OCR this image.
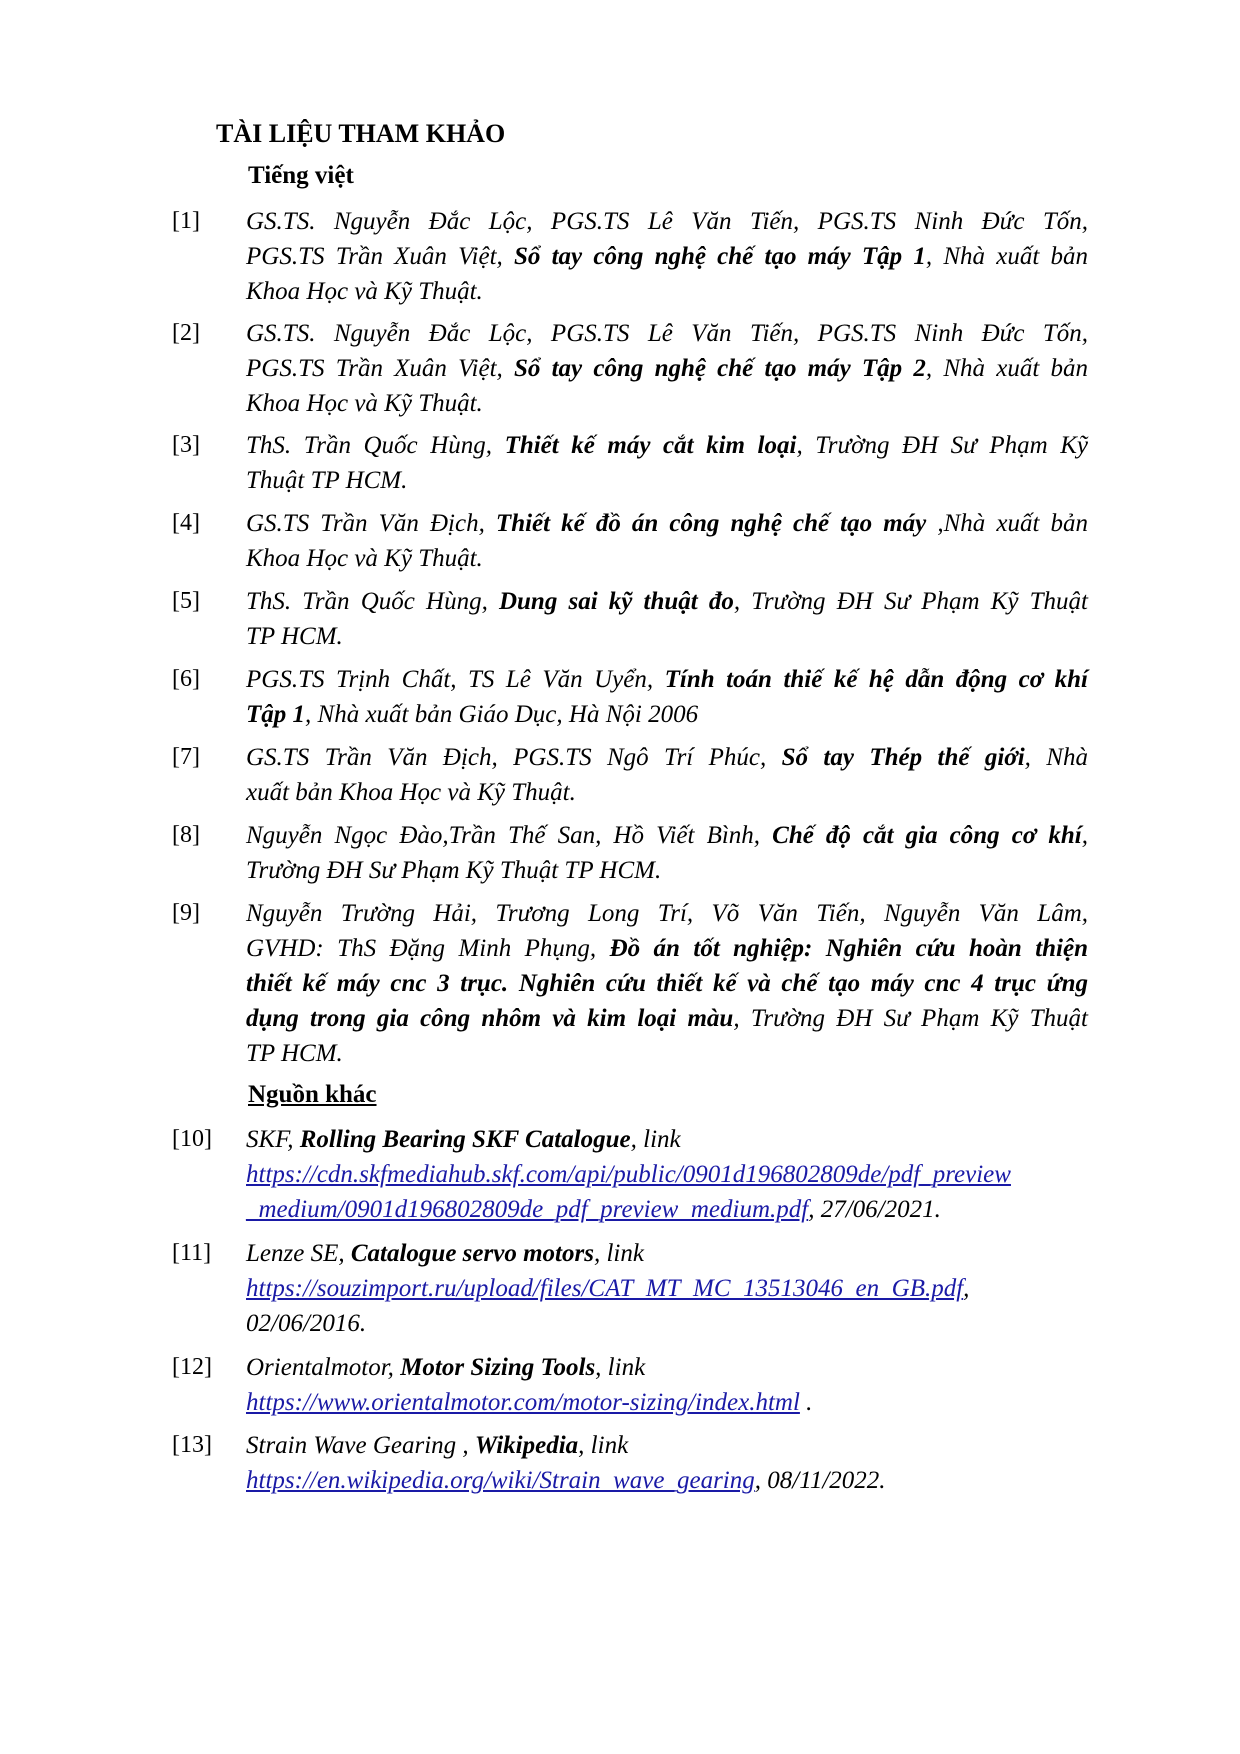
TÀI LIỆU THAM KHẢO
Tiếng việt
[1] GS.TS. Nguyễn Đắc Lộc, PGS.TS Lê Văn Tiến, PGS.TS Ninh Đức Tốn,
PGS.TS Trần Xuân Việt, Sổ tay công nghệ chế tạo máy Tập 1, Nhà xuất bản
Khoa Học và Kỹ Thuật.
[2] GS.TS. Nguyễn Đắc Lộc, PGS.TS Lê Văn Tiến, PGS.TS Ninh Đức Tốn,
PGS.TS Trần Xuân Việt, Sổ tay công nghệ chế tạo máy Tập 2, Nhà xuất bản
Khoa Học và Kỹ Thuật.
[3] ThS. Trần Quốc Hùng, Thiết kế máy cắt kim loại, Trường ĐH Sư Phạm Kỹ
Thuật TP HCM.
[4] GS.TS Trần Văn Địch, Thiết kế đồ án công nghệ chế tạo máy ,Nhà xuất bản
Khoa Học và Kỹ Thuật.
[5] ThS. Trần Quốc Hùng, Dung sai kỹ thuật đo, Trường ĐH Sư Phạm Kỹ Thuật
TP HCM.
[6] PGS.TS Trịnh Chất, TS Lê Văn Uyển, Tính toán thiế kế hệ dẫn động cơ khí
Tập 1, Nhà xuất bản Giáo Dục, Hà Nội 2006
[7] GS.TS Trần Văn Địch, PGS.TS Ngô Trí Phúc, Sổ tay Thép thế giới, Nhà
xuất bản Khoa Học và Kỹ Thuật.
[8] Nguyễn Ngọc Đào,Trần Thế San, Hồ Viết Bình, Chế độ cắt gia công cơ khí,
Trường ĐH Sư Phạm Kỹ Thuật TP HCM.
[9] Nguyễn Trường Hải, Trương Long Trí, Võ Văn Tiến, Nguyễn Văn Lâm,
GVHD: ThS Đặng Minh Phụng, Đồ án tốt nghiệp: Nghiên cứu hoàn thiện
thiết kế máy cnc 3 trục. Nghiên cứu thiết kế và chế tạo máy cnc 4 trục ứng
dụng trong gia công nhôm và kim loại màu, Trường ĐH Sư Phạm Kỹ Thuật
TP HCM.
Nguồn khác
[10] SKF, Rolling Bearing SKF Catalogue, link
https://cdn.skfmediahub.skf.com/api/public/0901d196802809de/pdf_preview
_medium/0901d196802809de_pdf_preview_medium.pdf, 27/06/2021.
[11] Lenze SE, Catalogue servo motors, link
https://souzimport.ru/upload/files/CAT_MT_MC_13513046_en_GB.pdf,
02/06/2016.
[12] Orientalmotor, Motor Sizing Tools, link
https://www.orientalmotor.com/motor-sizing/index.html .
[13] Strain Wave Gearing , Wikipedia, link
https://en.wikipedia.org/wiki/Strain_wave_gearing, 08/11/2022.
